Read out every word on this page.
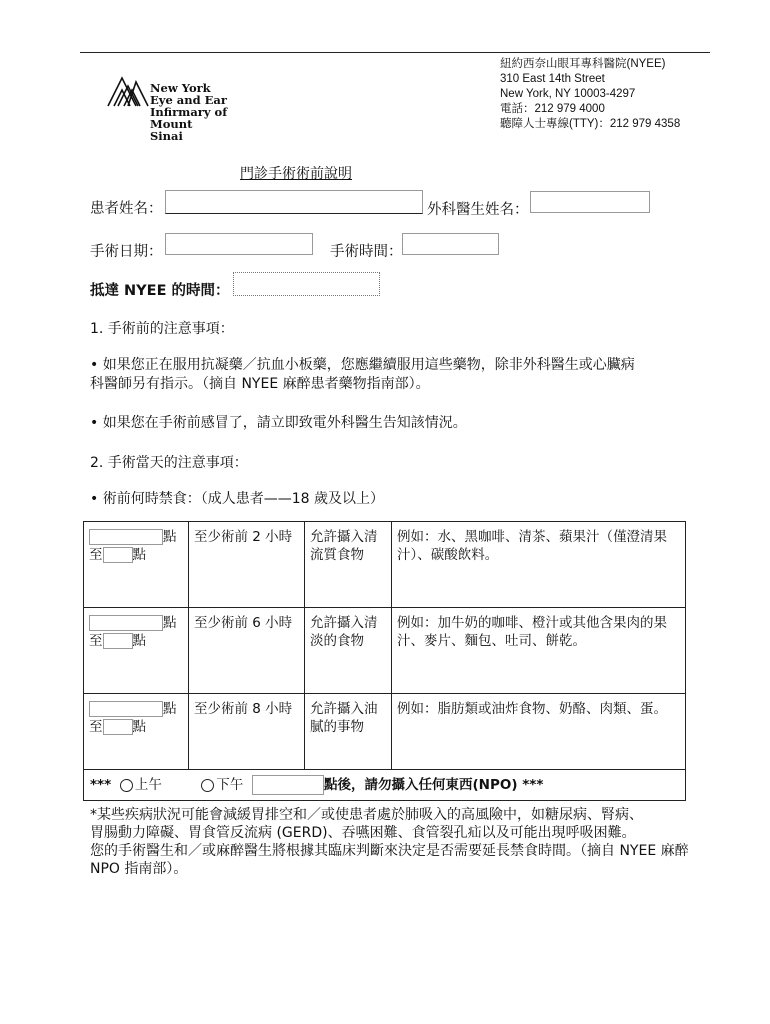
New York
Eye and Ear
Infirmary of
Mount
Sinai
紐約西奈山眼耳專科醫院(NYEE)
310 East 14th Street
New York, NY 10003-4297
電話：212 979 4000
聽障人士專線(TTY)：212 979 4358
門診手術術前說明
患者姓名：	外科醫生姓名：
手術日期：	手術時間：
抵達 NYEE 的時間：
1. 手術前的注意事項：
• 如果您正在服用抗凝藥／抗血小板藥，您應繼續服用這些藥物，除非外科醫生或心臟病
科醫師另有指示。（摘自 NYEE 麻醉患者藥物指南部）。
• 如果您在手術前感冒了，請立即致電外科醫生告知該情況。
2. 手術當天的注意事項：
• 術前何時禁食：（成人患者——18 歲及以上）
點
至 點	至少術前 2 小時	允許攝入清流質食物	例如：水、黑咖啡、清茶、蘋果汁（僅澄清果汁）、碳酸飲料。
點
至 點	至少術前 6 小時	允許攝入清淡的食物	例如：加牛奶的咖啡、橙汁或其他含果肉的果汁、麥片、麵包、吐司、餅乾。
點
至 點	至少術前 8 小時	允許攝入油膩的事物	例如：脂肪類或油炸食物、奶酪、肉類、蛋。
*** 上午 下午 點後，請勿攝入任何東西(NPO) ***			
*某些疾病狀況可能會減緩胃排空和／或使患者處於肺吸入的高風險中，如糖尿病、腎病、
胃腸動力障礙、胃食管反流病 (GERD)、吞嚥困難、食管裂孔疝以及可能出現呼吸困難。
您的手術醫生和／或麻醉醫生將根據其臨床判斷來決定是否需要延長禁食時間。（摘自 NYEE 麻醉
NPO 指南部）。
